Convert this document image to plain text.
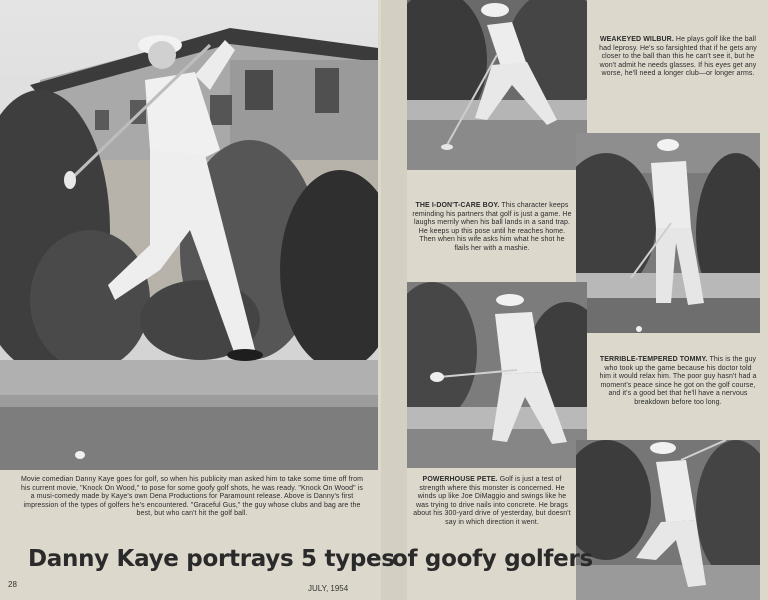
WEAKEYED WILBUR. He plays golf like the ball had leprosy. He's so farsighted that if he gets any closer to the ball than this he can't see it, but he won't admit he needs glasses. If his eyes get any worse, he'll need a longer club—or longer arms.
THE I-DON'T-CARE BOY. This character keeps reminding his partners that golf is just a game. He laughs merrily when his ball lands in a sand trap. He keeps up this pose until he reaches home. Then when his wife asks him what he shot he flails her with a mashie.
TERRIBLE-TEMPERED TOMMY. This is the guy who took up the game because his doctor told him it would relax him. The poor guy hasn't had a moment's peace since he got on the golf course, and it's a good bet that he'll have a nervous breakdown before too long.
POWERHOUSE PETE. Golf is just a test of strength where this monster is concerned. He winds up like Joe DiMaggio and swings like he was trying to drive nails into concrete. He brags about his 300-yard drive of yesterday, but doesn't say in which direction it went.
Movie comedian Danny Kaye goes for golf, so when his publicity man asked him to take some time off from his current movie, "Knock On Wood," to pose for some goofy golf shots, he was ready. "Knock On Wood" is a musi-comedy made by Kaye's own Dena Productions for Paramount release. Above is Danny's first impression of the types of golfers he's encountered. "Graceful Gus," the guy whose clubs and bag are the best, but who can't hit the golf ball.
Danny Kaye portrays 5 types
of goofy golfers
28	JULY, 1954
